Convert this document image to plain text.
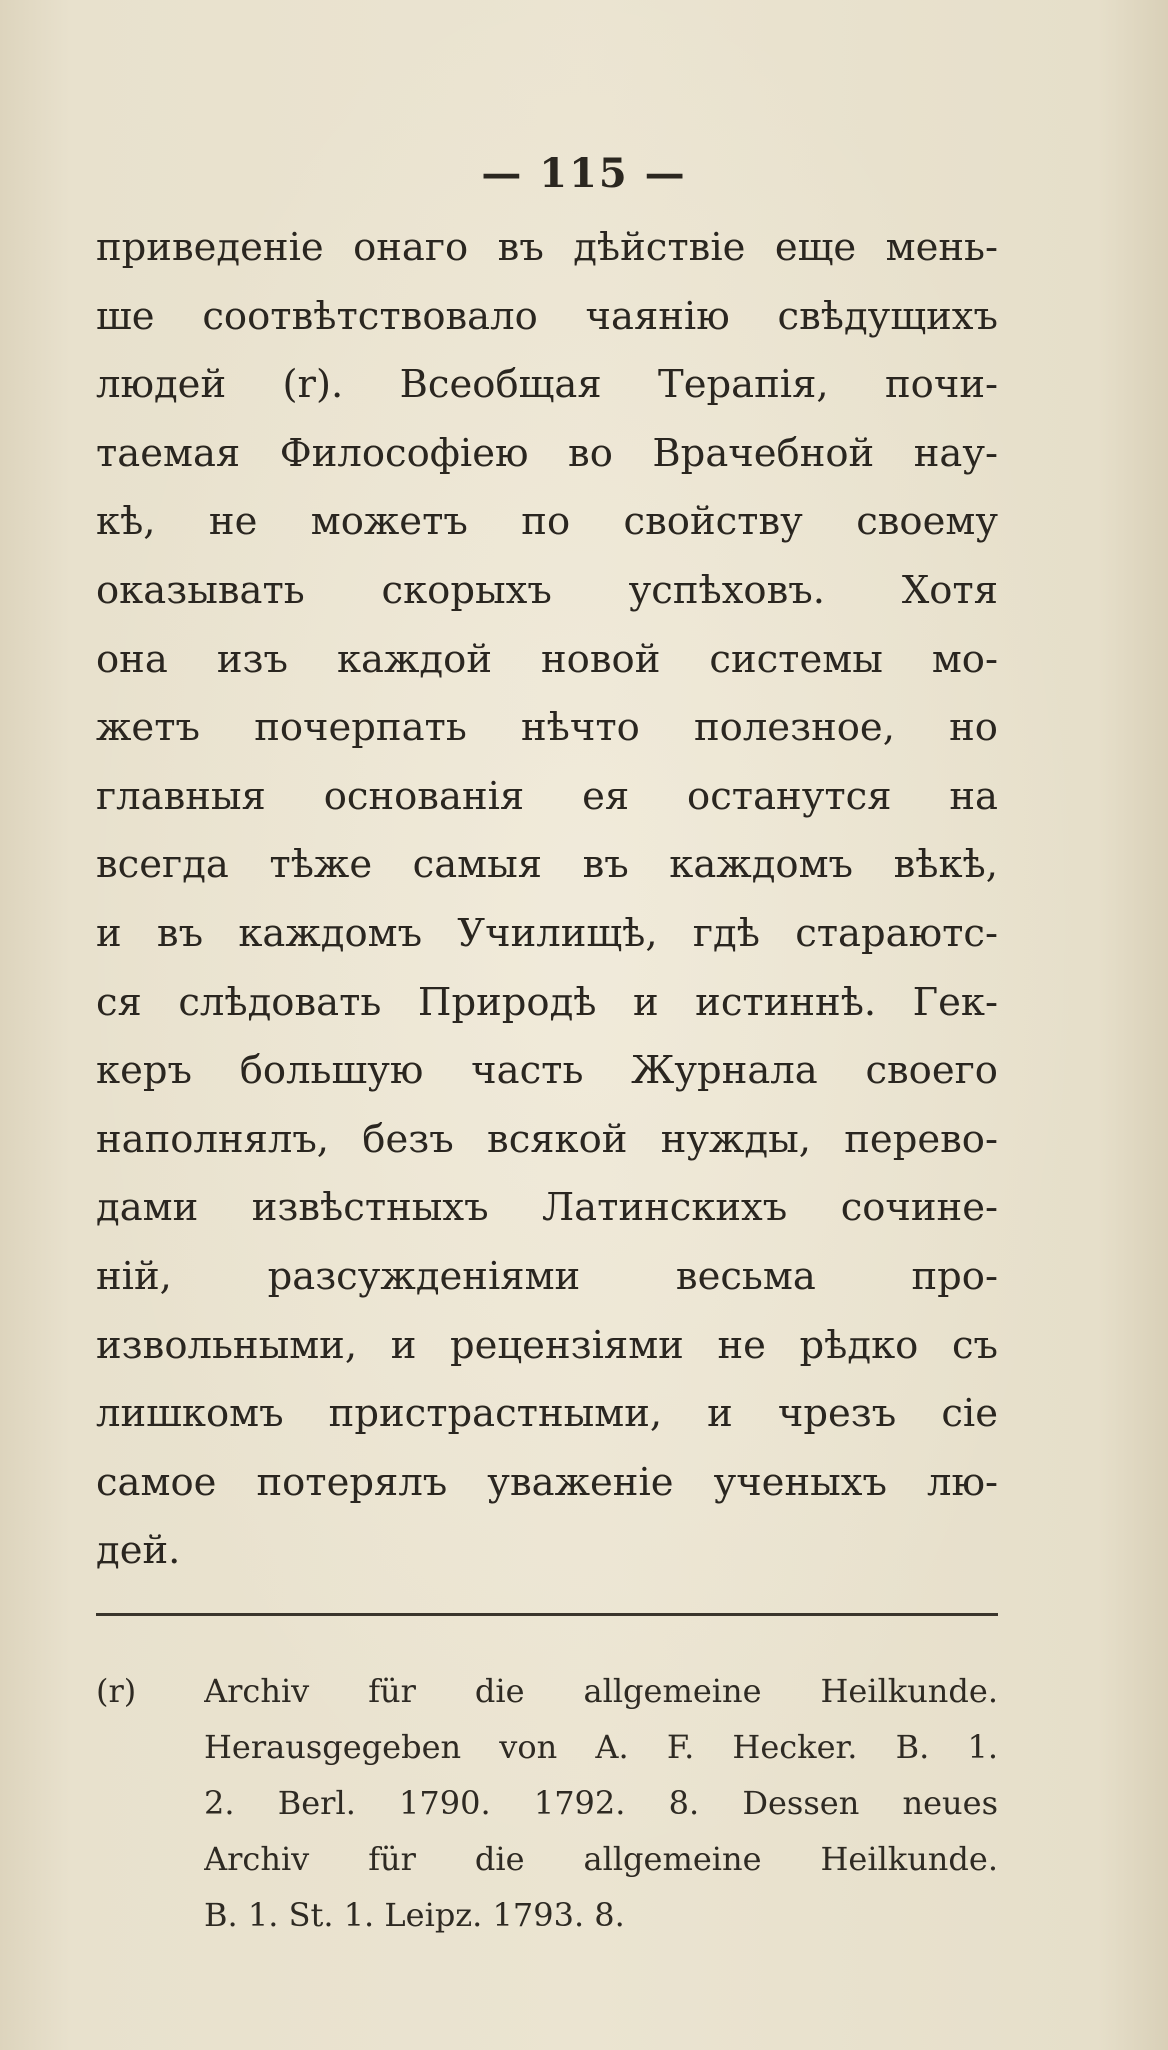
— 115 —
приведеніе онаго въ дѣйствіе еще мень-
ше соотвѣтствовало чаянію свѣдущихъ
людей (r). Всеобщая Терапія, почи-
таемая Философіею во Врачебной нау-
кѣ, не можетъ по свойству своему
оказывать скорыхъ успѣховъ. Хотя
она изъ каждой новой системы мо-
жетъ почерпать нѣчто полезное, но
главныя основанія ея останутся на
всегда тѣже самыя въ каждомъ вѣкѣ,
и въ каждомъ Училищѣ, гдѣ стараютс-
ся слѣдовать Природѣ и истиннѣ. Гек-
керъ большую часть Журнала своего
наполнялъ, безъ всякой нужды, перево-
дами извѣстныхъ Латинскихъ сочине-
ній, разсужденіями весьма про-
извольными, и рецензіями не рѣдко съ
лишкомъ пристрастными, и чрезъ сіе
самое потерялъ уваженіе ученыхъ лю-
дей.
(r) Archiv für die allgemeine Heilkunde.
Herausgegeben von A. F. Hecker. B. 1.
2. Berl. 1790. 1792. 8. Dessen neues
Archiv für die allgemeine Heilkunde.
B. 1. St. 1. Leipz. 1793. 8.
